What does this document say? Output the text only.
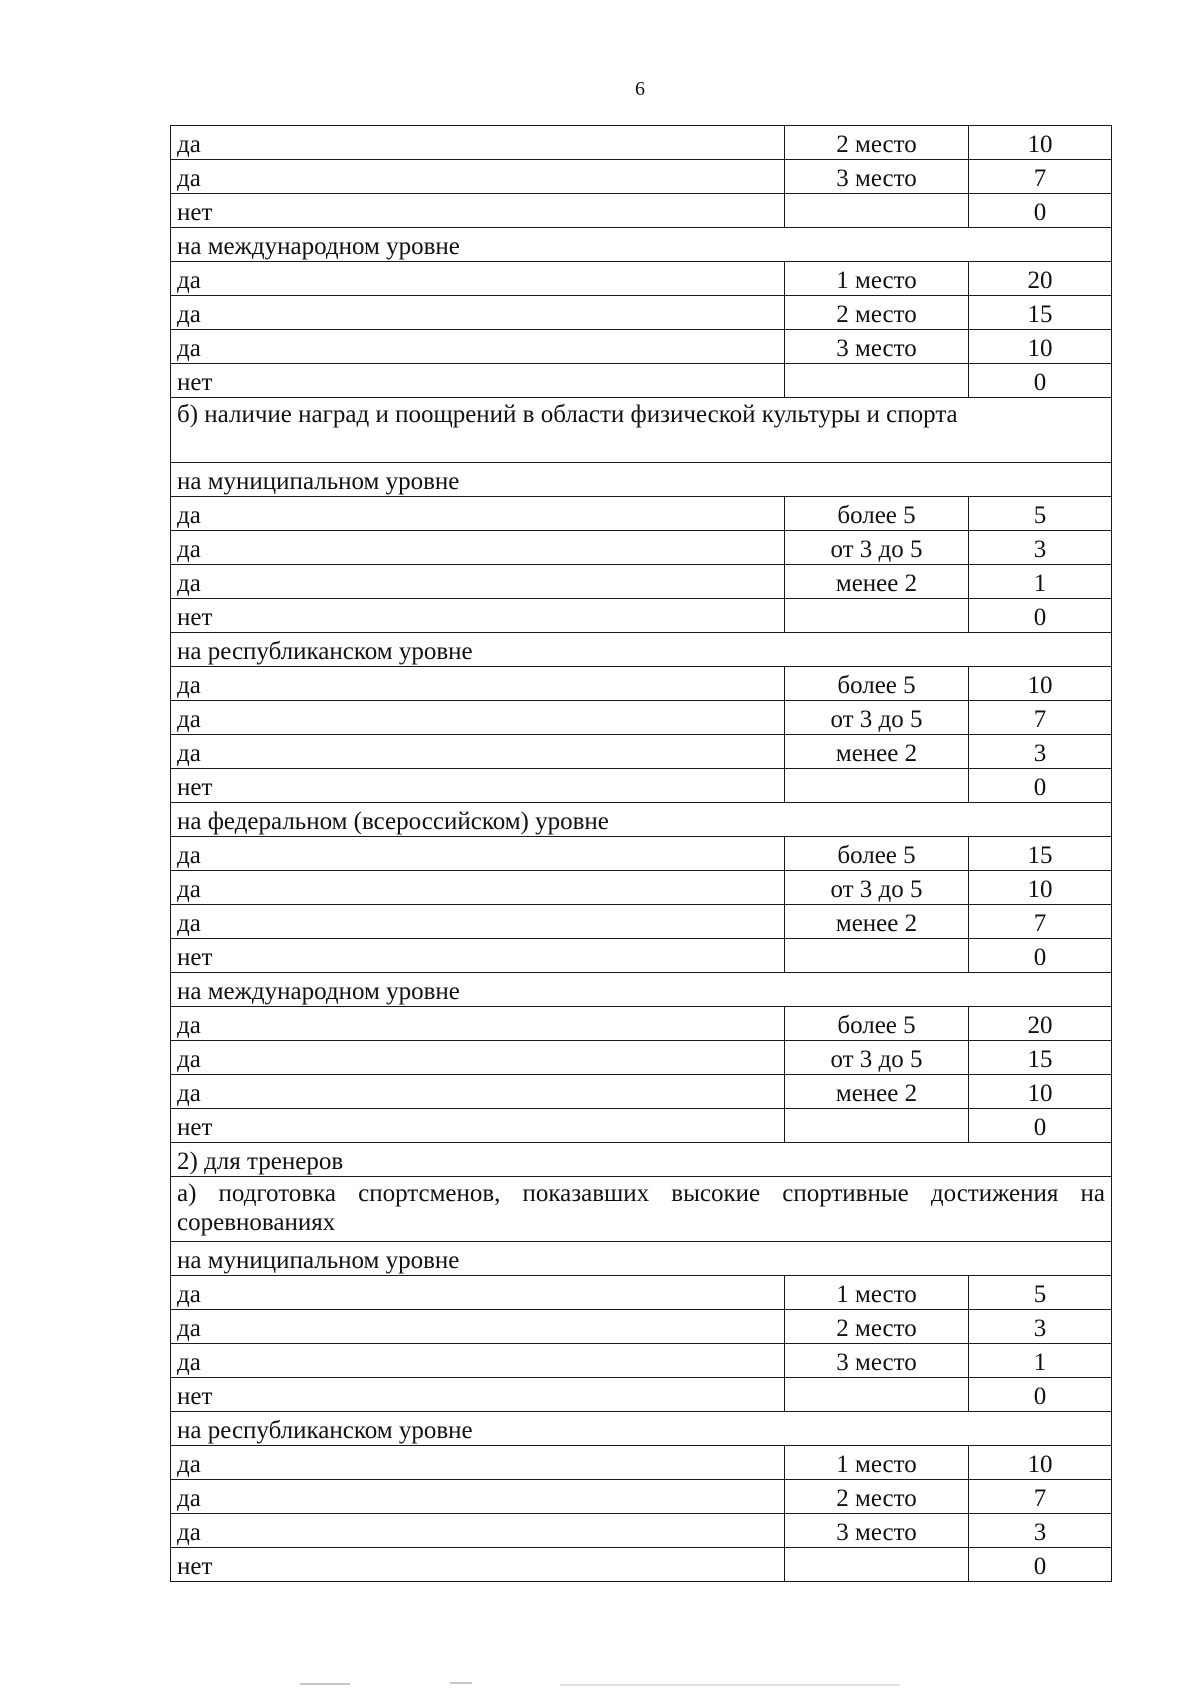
6
да	2 место	10
да	3 место	7
нет		0
на международном уровне		
да	1 место	20
да	2 место	15
да	3 место	10
нет		0
б) наличие наград и поощрений в области физической культуры и спорта		
на муниципальном уровне		
да	более 5	5
да	от 3 до 5	3
да	менее 2	1
нет		0
на республиканском уровне		
да	более 5	10
да	от 3 до 5	7
да	менее 2	3
нет		0
на федеральном (всероссийском) уровне		
да	более 5	15
да	от 3 до 5	10
да	менее 2	7
нет		0
на международном уровне		
да	более 5	20
да	от 3 до 5	15
да	менее 2	10
нет		0
2) для тренеров		
а) подготовка спортсменов, показавших высокие спортивные достижения на соревнованиях		
на муниципальном уровне		
да	1 место	5
да	2 место	3
да	3 место	1
нет		0
на республиканском уровне		
да	1 место	10
да	2 место	7
да	3 место	3
нет		0
